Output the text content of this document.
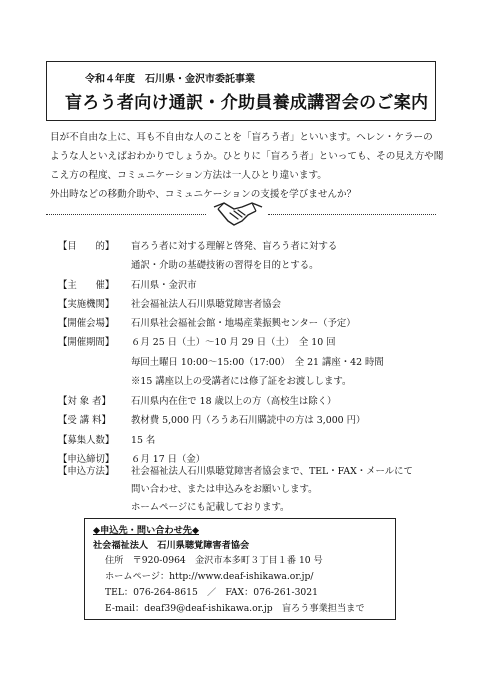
令和４年度　石川県・金沢市委託事業
盲ろう者向け通訳・介助員養成講習会のご案内

目が不自由な上に、耳も不自由な人のことを「盲ろう者」といいます。ヘレン・ケラーの

ような人といえばおわかりでしょうか。ひとりに「盲ろう者」といっても、その見え方や聞

こえ方の程度、コミュニケーション方法は一人ひとり違います。

外出時などの移動介助や、コミュニケーションの支援を学びませんか？

【目　　的】	盲ろう者に対する理解と啓発、盲ろう者に対する
通訳・介助の基礎技術の習得を目的とする。
【主　　催】	石川県・金沢市
【実施機関】	社会福祉法人石川県聴覚障害者協会
【開催会場】	石川県社会福祉会館・地場産業振興センター（予定）
【開催期間】	６月 25 日（土）～10 月 29 日（土）　全 10 回
毎回土曜日 10:00～15:00（17:00）　全 21 講座・42 時間
※15 講座以上の受講者には修了証をお渡しします。
【対 象 者】	石川県内在住で 18 歳以上の方（高校生は除く）
【受 講 料】	教材費 5,000 円（ろうあ石川購読中の方は 3,000 円）
【募集人数】	15 名
【申込締切】	６月 17 日（金）
【申込方法】	社会福祉法人石川県聴覚障害者協会まで、TEL・FAX・メールにて
問い合わせ、または申込みをお願いします。
ホームページにも記載しております。
◆申込先・問い合わせ先◆
社会福祉法人　石川県聴覚障害者協会
住所　〒920-0964　金沢市本多町３丁目１番 10 号
ホームページ：http://www.deaf-ishikawa.or.jp/
TEL：076-264-8615　／　FAX：076-261-3021
E-mail：deaf39@deaf-ishikawa.or.jp　盲ろう事業担当まで
